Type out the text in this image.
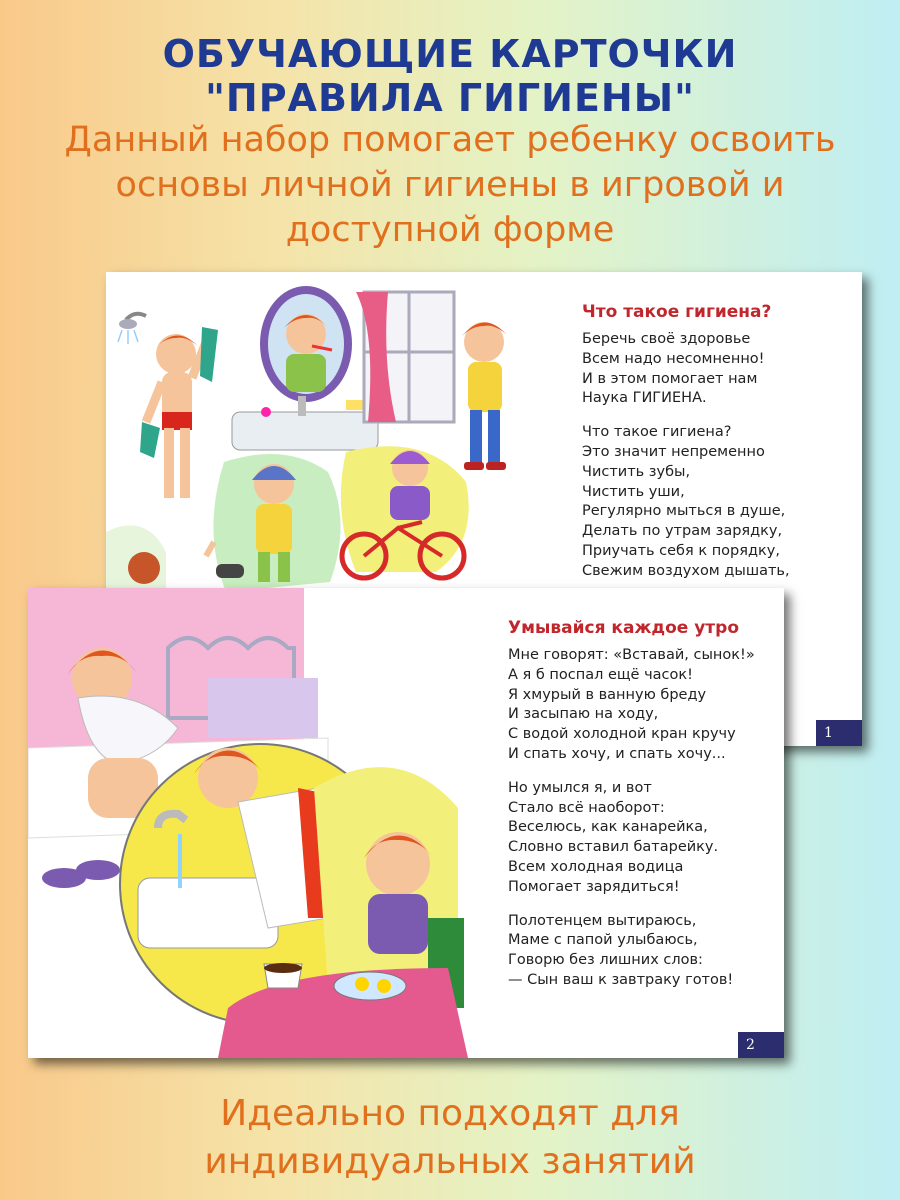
ОБУЧАЮЩИЕ КАРТОЧКИ
"ПРАВИЛА ГИГИЕНЫ"
Данный набор помогает ребенку освоить
основы личной гигиены в игровой и
доступной форме
Что такое гигиена?
Беречь своё здоровье
Всем надо несомненно!
И в этом помогает нам
Наука ГИГИЕНА.
Что такое гигиена?
Это значит непременно
Чистить зубы,
Чистить уши,
Регулярно мыться в душе,
Делать по утрам зарядку,
Приучать себя к порядку,
Свежим воздухом дышать,
1
Умывайся каждое утро
Мне говорят: «Вставай, сынок!»
А я б поспал ещё часок!
Я хмурый в ванную бреду
И засыпаю на ходу,
С водой холодной кран кручу
И спать хочу, и спать хочу...
Но умылся я, и вот
Стало всё наоборот:
Веселюсь, как канарейка,
Словно вставил батарейку.
Всем холодная водица
Помогает зарядиться!
Полотенцем вытираюсь,
Маме с папой улыбаюсь,
Говорю без лишних слов:
— Сын ваш к завтраку готов!
2
Идеально подходят для
индивидуальных занятий
